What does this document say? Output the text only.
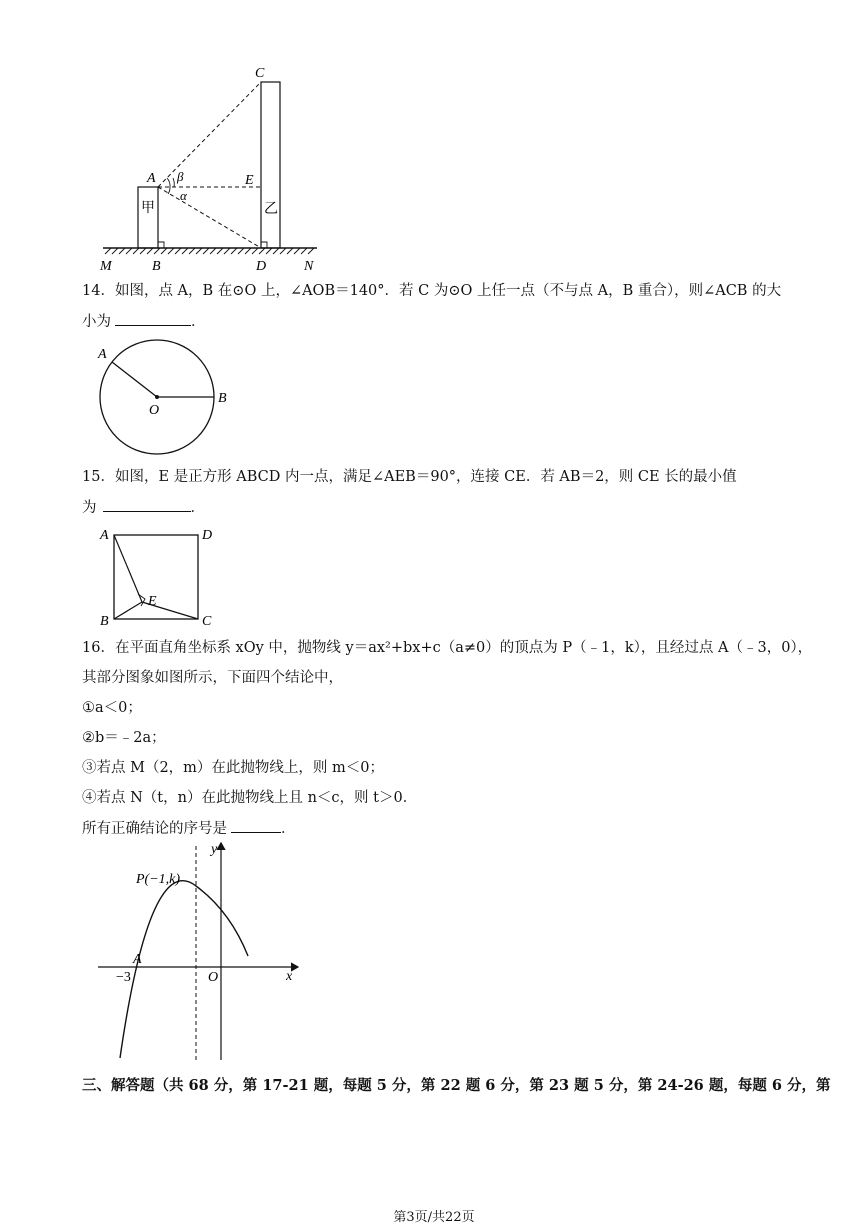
C
A	E
β
α
甲	乙
M	B	D	N
14．如图，点 A，B 在⊙O 上，∠AOB＝140°．若 C 为⊙O 上任一点（不与点 A，B 重合），则∠ACB 的大
小为	．
A
O
B
15．如图，E 是正方形 ABCD 内一点，满足∠AEB＝90°，连接 CE．若 AB＝2，则 CE 长的最小值
为	．
A	D
B	C
E
16．在平面直角坐标系 xOy 中，抛物线 y＝ax²+bx+c（a≠0）的顶点为 P（﹣1，k），且经过点 A（﹣3，0），
其部分图象如图所示，下面四个结论中，
①a＜0；
②b＝﹣2a；
③若点 M（2，m）在此抛物线上，则 m＜0；
④若点 N（t，n）在此抛物线上且 n＜c，则 t＞0．
所有正确结论的序号是	．
y
x
P(−1,k)
A
−3	O
三、解答题（共 68 分，第 17-21 题，每题 5 分，第 22 题 6 分，第 23 题 5 分，第 24-26 题，每题 6 分，第
第3页/共22页
